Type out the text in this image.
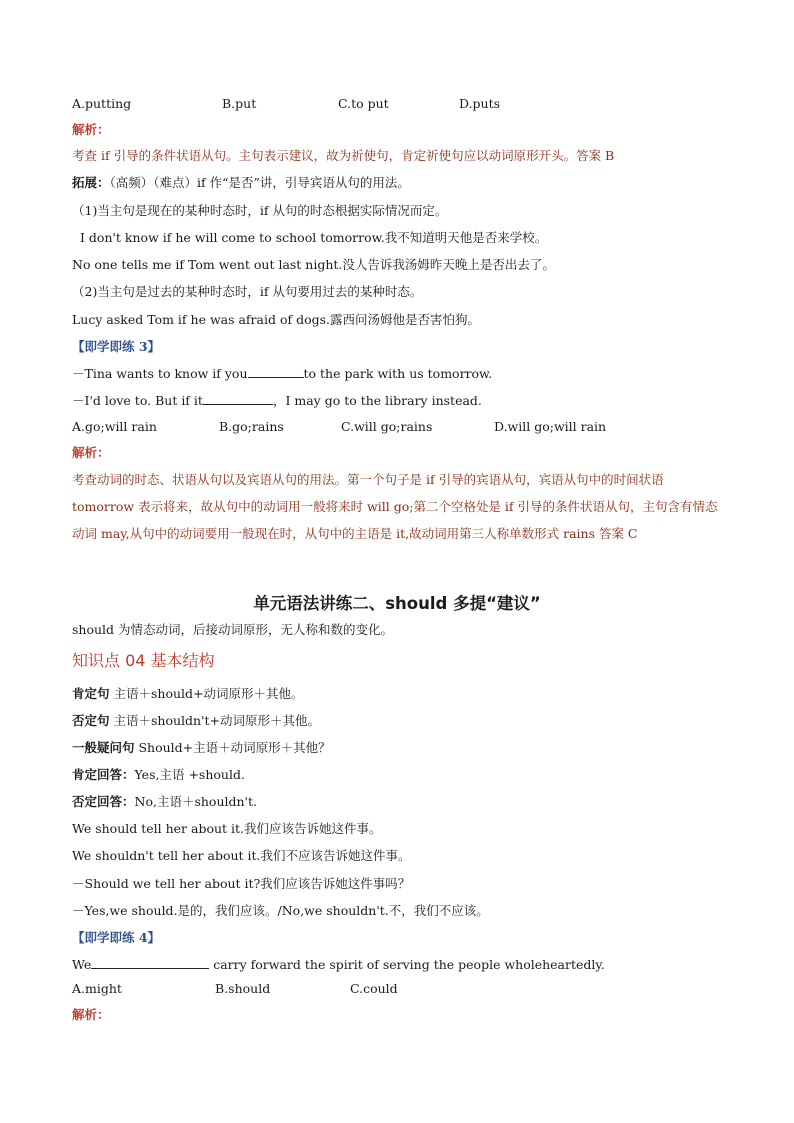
A.putting	B.put	C.to put	D.puts
解析：
考查 if 引导的条件状语从句。主句表示建议，故为祈使句，肯定祈使句应以动词原形开头。答案 B
拓展：（高频）（难点）if 作“是否”讲，引导宾语从句的用法。
（1)当主句是现在的某种时态时，if 从句的时态根据实际情况而定。
I don't know if he will come to school tomorrow.我不知道明天他是否来学校。
No one tells me if Tom went out last night.没人告诉我汤姆昨天晚上是否出去了。
（2)当主句是过去的某种时态时，if 从句要用过去的某种时态。
Lucy asked Tom if he was afraid of dogs.露西问汤姆他是否害怕狗。
【即学即练 3】
－Tina wants to know if you	to the park with us tomorrow.
－I'd love to. But if it	，I may go to the library instead.
A.go;will rain	B.go;rains	C.will go;rains	D.will go;will rain
解析：
考查动词的时态、状语从句以及宾语从句的用法。第一个句子是 if 引导的宾语从句，宾语从句中的时间状语 tomorrow 表示将来，故从句中的动词用一般将来时 will go;第二个空格处是 if 引导的条件状语从句，主句含有情态动词 may,从句中的动词要用一般现在时，从句中的主语是 it,故动词用第三人称单数形式 rains 答案 C
单元语法讲练二、should 多提“建议”
should 为情态动词，后接动词原形，无人称和数的变化。
知识点 04 基本结构
肯定句 主语＋should+动词原形＋其他。
否定句 主语＋shouldn't+动词原形＋其他。
一般疑问句 Should+主语＋动词原形＋其他？
肯定回答：Yes,主语 +should.
否定回答：No,主语＋shouldn't.
We should tell her about it.我们应该告诉她这件事。
We shouldn't tell her about it.我们不应该告诉她这件事。
－Should we tell her about it?我们应该告诉她这件事吗？
－Yes,we should.是的，我们应该。/No,we shouldn't.不，我们不应该。
【即学即练 4】
We	carry forward the spirit of serving the people wholeheartedly.
A.might	B.should	C.could
解析：
